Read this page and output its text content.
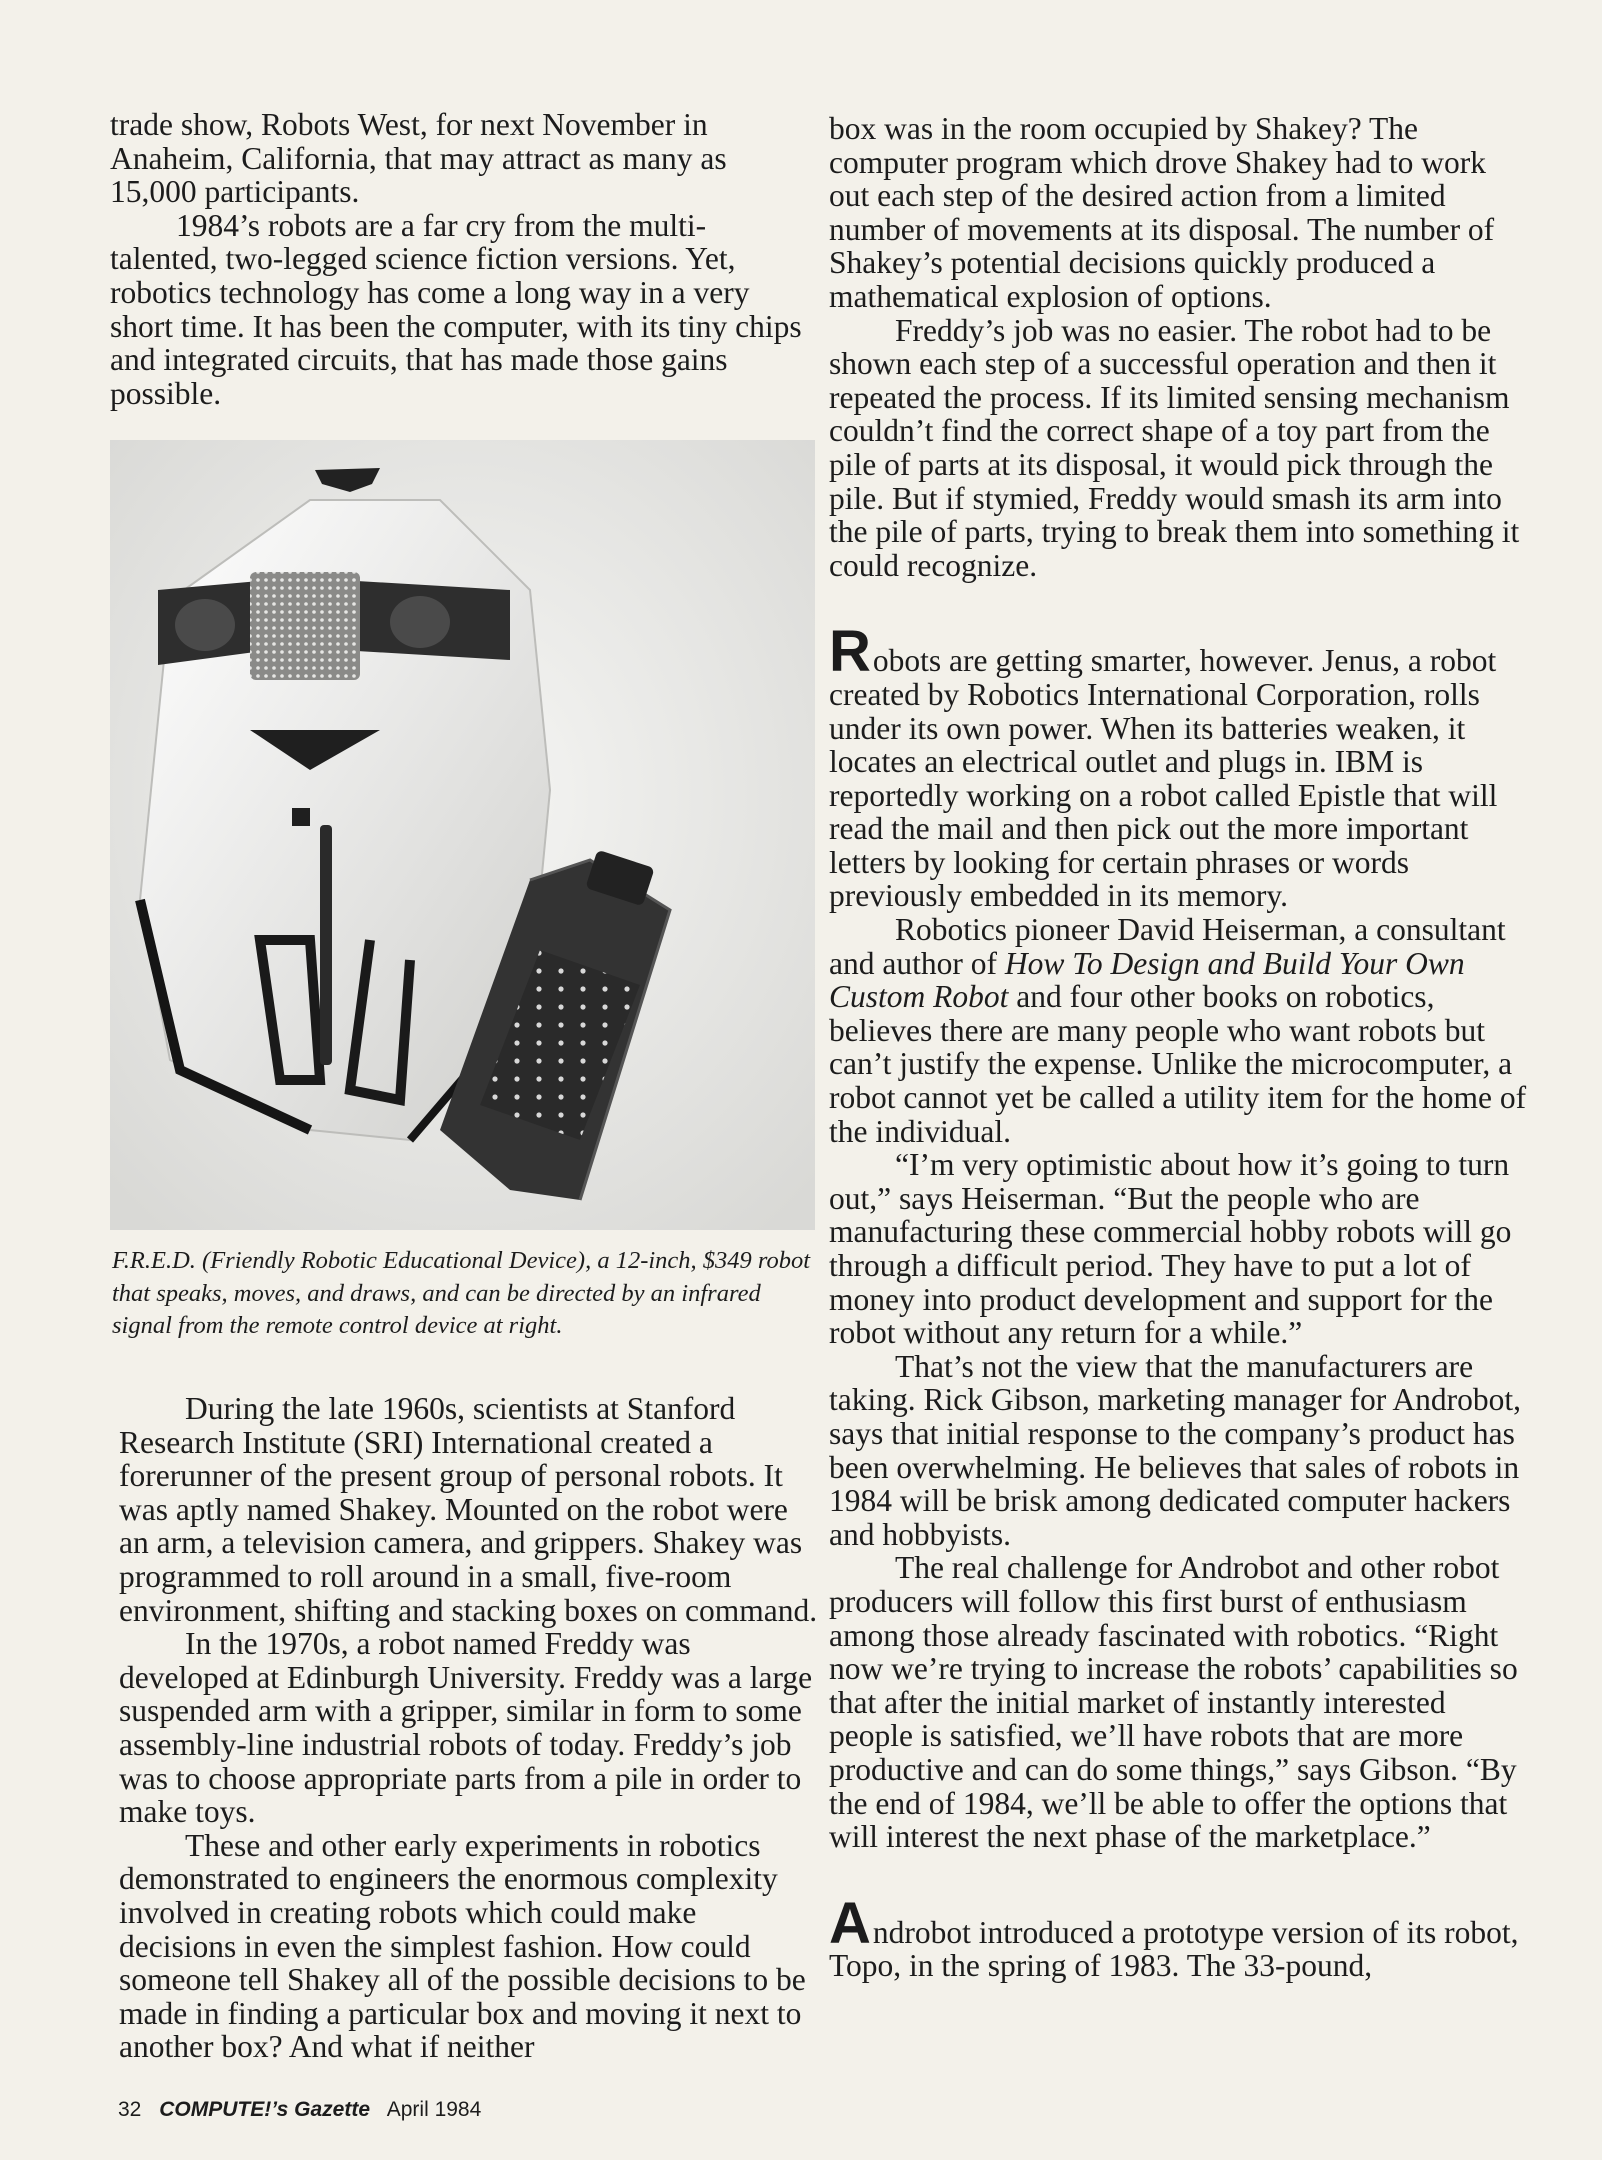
trade show, Robots West, for next November in Anaheim, California, that may attract as many as 15,000 participants.

1984’s robots are a far cry from the multi-talented, two-legged science fiction versions. Yet, robotics technology has come a long way in a very short time. It has been the computer, with its tiny chips and integrated circuits, that has made those gains possible.

F.R.E.D. (Friendly Robotic Educational Device), a 12-inch, $349 robot that speaks, moves, and draws, and can be directed by an infrared signal from the remote control device at right.

During the late 1960s, scientists at Stanford Research Institute (SRI) International created a forerunner of the present group of personal robots. It was aptly named Shakey. Mounted on the robot were an arm, a television camera, and grippers. Shakey was programmed to roll around in a small, five-room environment, shifting and stacking boxes on command.

In the 1970s, a robot named Freddy was developed at Edinburgh University. Freddy was a large suspended arm with a gripper, similar in form to some assembly-line industrial robots of today. Freddy’s job was to choose appropriate parts from a pile in order to make toys.

These and other early experiments in robotics demonstrated to engineers the enormous complexity involved in creating robots which could make decisions in even the simplest fashion. How could someone tell Shakey all of the possible decisions to be made in finding a particular box and moving it next to another box? And what if neither

box was in the room occupied by Shakey? The computer program which drove Shakey had to work out each step of the desired action from a limited number of movements at its disposal. The number of Shakey’s potential decisions quickly produced a mathematical explosion of options.

Freddy’s job was no easier. The robot had to be shown each step of a successful operation and then it repeated the process. If its limited sensing mechanism couldn’t find the correct shape of a toy part from the pile of parts at its disposal, it would pick through the pile. But if stymied, Freddy would smash its arm into the pile of parts, trying to break them into something it could recognize.

Robots are getting smarter, however. Jenus, a robot created by Robotics International Corporation, rolls under its own power. When its batteries weaken, it locates an electrical outlet and plugs in. IBM is reportedly working on a robot called Epistle that will read the mail and then pick out the more important letters by looking for certain phrases or words previously embedded in its memory.

Robotics pioneer David Heiserman, a consultant and author of How To Design and Build Your Own Custom Robot and four other books on robotics, believes there are many people who want robots but can’t justify the expense. Unlike the microcomputer, a robot cannot yet be called a utility item for the home of the individual.

“I’m very optimistic about how it’s going to turn out,” says Heiserman. “But the people who are manufacturing these commercial hobby robots will go through a difficult period. They have to put a lot of money into product development and support for the robot without any return for a while.”

That’s not the view that the manufacturers are taking. Rick Gibson, marketing manager for Androbot, says that initial response to the company’s product has been overwhelming. He believes that sales of robots in 1984 will be brisk among dedicated computer hackers and hobbyists.

The real challenge for Androbot and other robot producers will follow this first burst of enthusiasm among those already fascinated with robotics. “Right now we’re trying to increase the robots’ capabilities so that after the initial market of instantly interested people is satisfied, we’ll have robots that are more productive and can do some things,” says Gibson. “By the end of 1984, we’ll be able to offer the options that will interest the next phase of the marketplace.”

Androbot introduced a prototype version of its robot, Topo, in the spring of 1983. The 33-pound,

32 COMPUTE!’s Gazette April 1984
